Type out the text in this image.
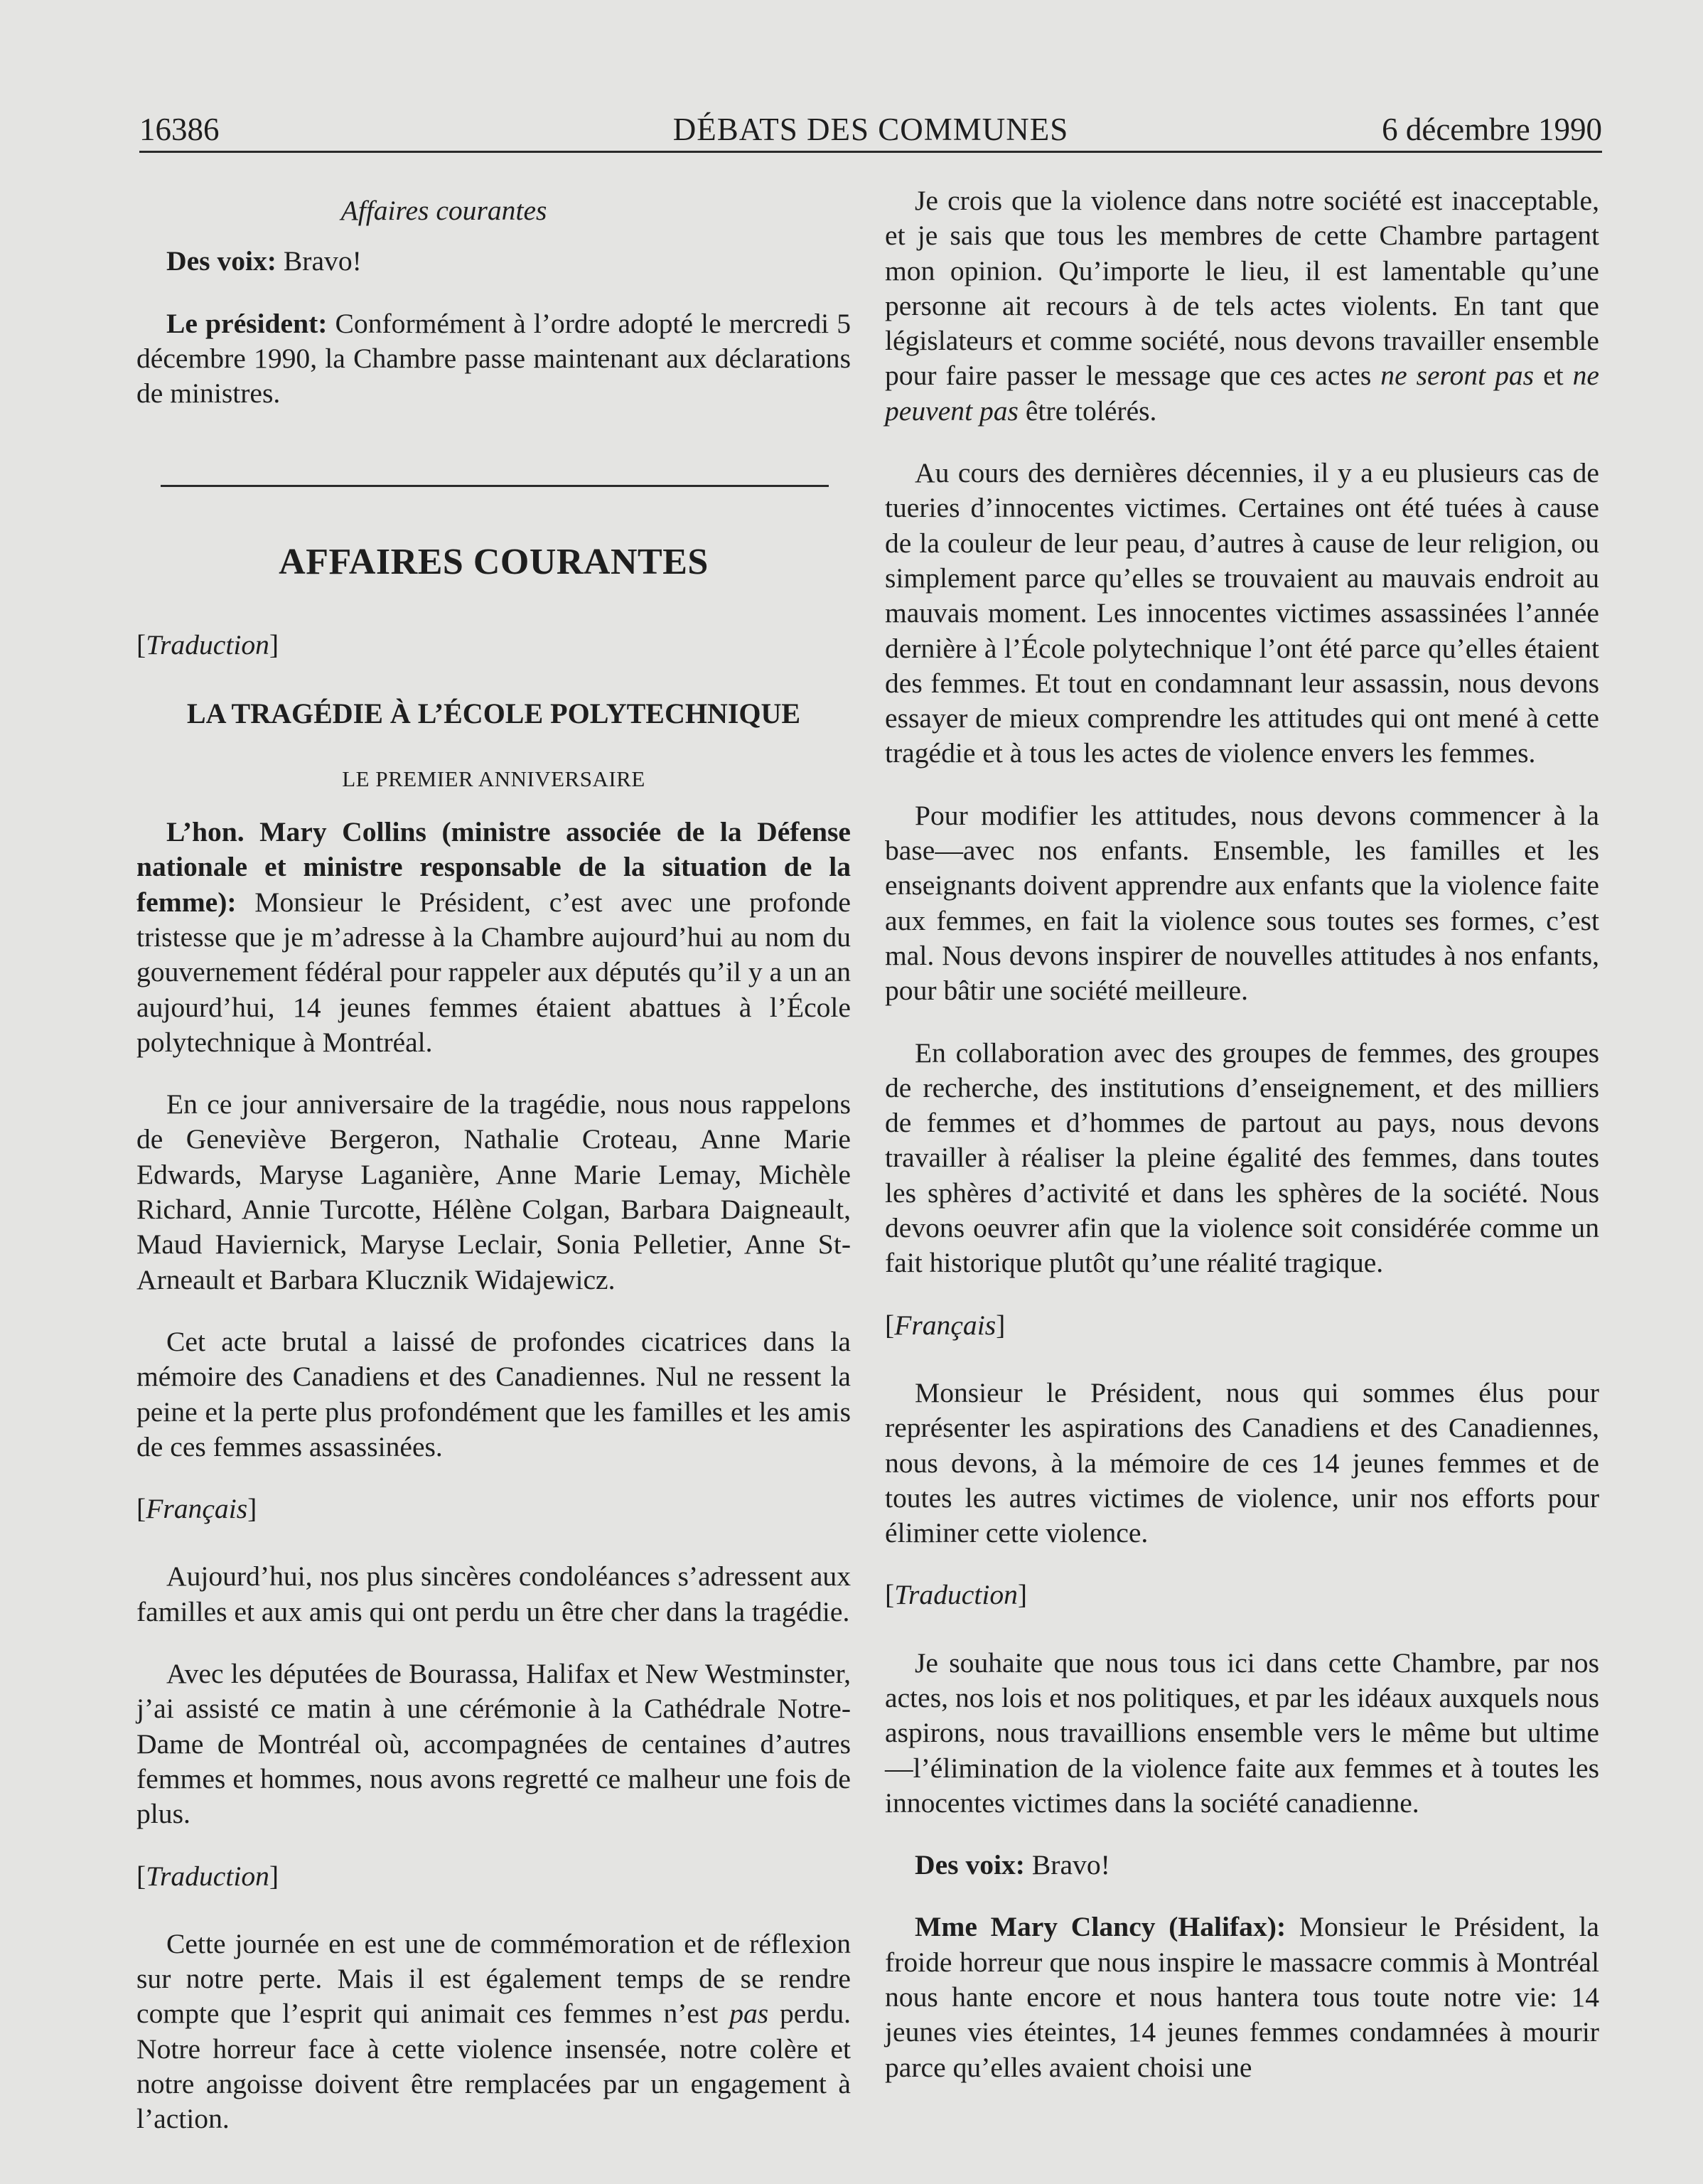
16386	DÉBATS DES COMMUNES	6 décembre 1990
Affaires courantes

Des voix: Bravo!

Le président: Conformément à l’ordre adopté le mercredi 5 décembre 1990, la Chambre passe maintenant aux déclarations de ministres.

AFFAIRES COURANTES
[Traduction]
LA TRAGÉDIE À L’ÉCOLE POLYTECHNIQUE
LE PREMIER ANNIVERSAIRE

L’hon. Mary Collins (ministre associée de la Défense nationale et ministre responsable de la situation de la femme): Monsieur le Président, c’est avec une profonde tristesse que je m’adresse à la Chambre aujourd’hui au nom du gouvernement fédéral pour rappeler aux députés qu’il y a un an aujourd’hui, 14 jeunes femmes étaient abattues à l’École polytechnique à Montréal.

En ce jour anniversaire de la tragédie, nous nous rappelons de Geneviève Bergeron, Nathalie Croteau, Anne Marie Edwards, Maryse Laganière, Anne Marie Lemay, Michèle Richard, Annie Turcotte, Hélène Colgan, Barbara Daigneault, Maud Haviernick, Maryse Leclair, Sonia Pelletier, Anne St-Arneault et Barbara Klucznik Widajewicz.

Cet acte brutal a laissé de profondes cicatrices dans la mémoire des Canadiens et des Canadiennes. Nul ne ressent la peine et la perte plus profondément que les familles et les amis de ces femmes assassinées.

[Français]

Aujourd’hui, nos plus sincères condoléances s’adressent aux familles et aux amis qui ont perdu un être cher dans la tragédie.

Avec les députées de Bourassa, Halifax et New Westminster, j’ai assisté ce matin à une cérémonie à la Cathédrale Notre-Dame de Montréal où, accompagnées de centaines d’autres femmes et hommes, nous avons regretté ce malheur une fois de plus.

[Traduction]

Cette journée en est une de commémoration et de réflexion sur notre perte. Mais il est également temps de se rendre compte que l’esprit qui animait ces femmes n’est pas perdu. Notre horreur face à cette violence insensée, notre colère et notre angoisse doivent être remplacées par un engagement à l’action.

Je crois que la violence dans notre société est inacceptable, et je sais que tous les membres de cette Chambre partagent mon opinion. Qu’importe le lieu, il est lamentable qu’une personne ait recours à de tels actes violents. En tant que législateurs et comme société, nous devons travailler ensemble pour faire passer le message que ces actes ne seront pas et ne peuvent pas être tolérés.

Au cours des dernières décennies, il y a eu plusieurs cas de tueries d’innocentes victimes. Certaines ont été tuées à cause de la couleur de leur peau, d’autres à cause de leur religion, ou simplement parce qu’elles se trouvaient au mauvais endroit au mauvais moment. Les innocentes victimes assassinées l’année dernière à l’École polytechnique l’ont été parce qu’elles étaient des femmes. Et tout en condamnant leur assassin, nous devons essayer de mieux comprendre les attitudes qui ont mené à cette tragédie et à tous les actes de violence envers les femmes.

Pour modifier les attitudes, nous devons commencer à la base—avec nos enfants. Ensemble, les familles et les enseignants doivent apprendre aux enfants que la violence faite aux femmes, en fait la violence sous toutes ses formes, c’est mal. Nous devons inspirer de nouvelles attitudes à nos enfants, pour bâtir une société meilleure.

En collaboration avec des groupes de femmes, des groupes de recherche, des institutions d’enseignement, et des milliers de femmes et d’hommes de partout au pays, nous devons travailler à réaliser la pleine égalité des femmes, dans toutes les sphères d’activité et dans les sphères de la société. Nous devons oeuvrer afin que la violence soit considérée comme un fait historique plutôt qu’une réalité tragique.

[Français]

Monsieur le Président, nous qui sommes élus pour représenter les aspirations des Canadiens et des Canadiennes, nous devons, à la mémoire de ces 14 jeunes femmes et de toutes les autres victimes de violence, unir nos efforts pour éliminer cette violence.

[Traduction]

Je souhaite que nous tous ici dans cette Chambre, par nos actes, nos lois et nos politiques, et par les idéaux auxquels nous aspirons, nous travaillions ensemble vers le même but ultime—l’élimination de la violence faite aux femmes et à toutes les innocentes victimes dans la société canadienne.

Des voix: Bravo!

Mme Mary Clancy (Halifax): Monsieur le Président, la froide horreur que nous inspire le massacre commis à Montréal nous hante encore et nous hantera tous toute notre vie: 14 jeunes vies éteintes, 14 jeunes femmes condamnées à mourir parce qu’elles avaient choisi une
